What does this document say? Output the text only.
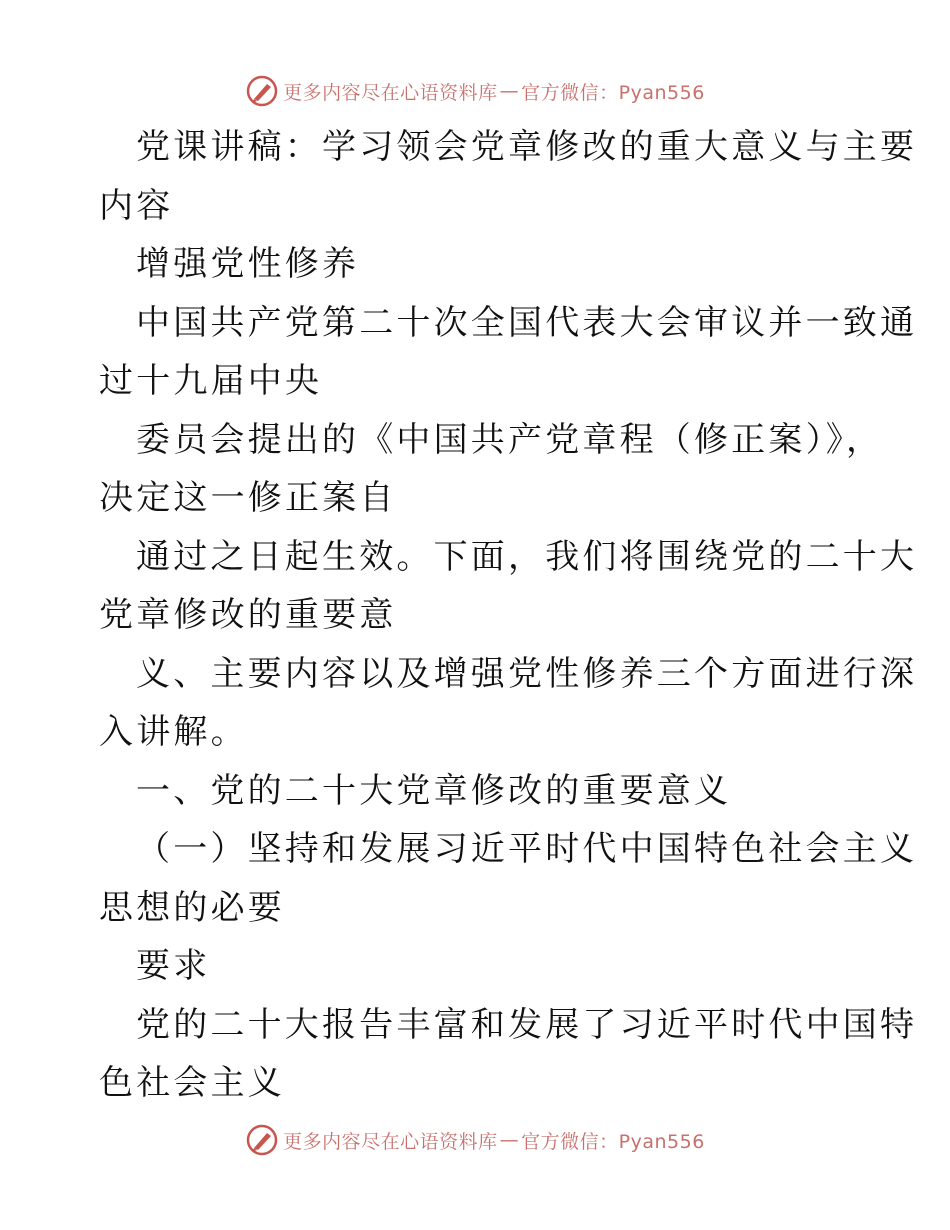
更多内容尽在心语资料库 — 官方微信：Pyan556
党课讲稿：学习领会党章修改的重大意义与主要
内容
增强党性修养
中国共产党第二十次全国代表大会审议并一致通
过十九届中央
委员会提出的《中国共产党章程（修正案）》，
决定这一修正案自
通过之日起生效。下面，我们将围绕党的二十大
党章修改的重要意
义、主要内容以及增强党性修养三个方面进行深
入讲解。
一、党的二十大党章修改的重要意义
（一）坚持和发展习近平时代中国特色社会主义
思想的必要
要求
党的二十大报告丰富和发展了习近平时代中国特
色社会主义
更多内容尽在心语资料库 — 官方微信：Pyan556
